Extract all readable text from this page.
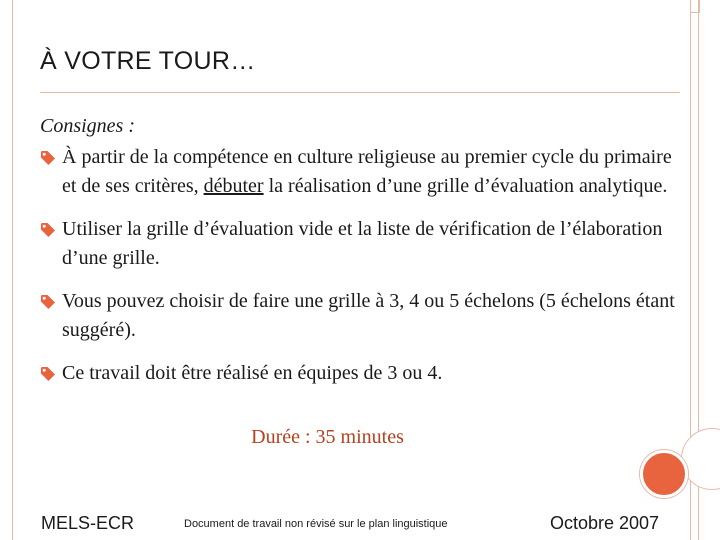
À VOTRE TOUR…
Consignes :
À partir de la compétence en culture religieuse au premier cycle du primaire et de ses critères, débuter la réalisation d’une grille d’évaluation analytique.
Utiliser la grille d’évaluation vide et la liste de vérification de l’élaboration d’une grille.
Vous pouvez choisir de faire une grille à 3, 4 ou 5 échelons (5 échelons étant suggéré).
Ce travail doit être réalisé en équipes de 3 ou 4.
Durée : 35 minutes
MELS-ECR	Document de travail non révisé sur le plan linguistique	Octobre 2007
